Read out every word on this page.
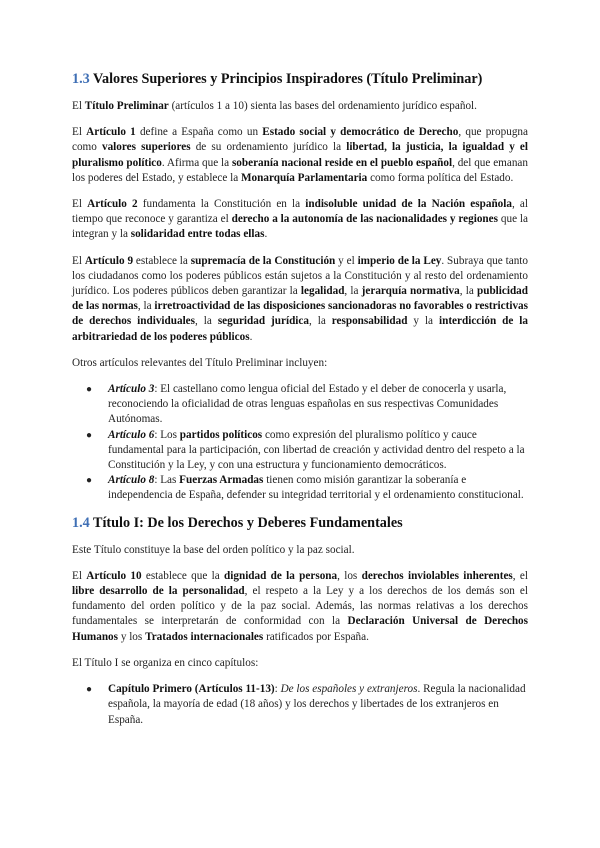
1.3 Valores Superiores y Principios Inspiradores (Título Preliminar)

El Título Preliminar (artículos 1 a 10) sienta las bases del ordenamiento jurídico español.

El Artículo 1 define a España como un Estado social y democrático de Derecho, que propugna como valores superiores de su ordenamiento jurídico la libertad, la justicia, la igualdad y el pluralismo político. Afirma que la soberanía nacional reside en el pueblo español, del que emanan los poderes del Estado, y establece la Monarquía Parlamentaria como forma política del Estado.

El Artículo 2 fundamenta la Constitución en la indisoluble unidad de la Nación española, al tiempo que reconoce y garantiza el derecho a la autonomía de las nacionalidades y regiones que la integran y la solidaridad entre todas ellas.

El Artículo 9 establece la supremacía de la Constitución y el imperio de la Ley. Subraya que tanto los ciudadanos como los poderes públicos están sujetos a la Constitución y al resto del ordenamiento jurídico. Los poderes públicos deben garantizar la legalidad, la jerarquía normativa, la publicidad de las normas, la irretroactividad de las disposiciones sancionadoras no favorables o restrictivas de derechos individuales, la seguridad jurídica, la responsabilidad y la interdicción de la arbitrariedad de los poderes públicos.

Otros artículos relevantes del Título Preliminar incluyen:

● Artículo 3: El castellano como lengua oficial del Estado y el deber de conocerla y usarla, reconociendo la oficialidad de otras lenguas españolas en sus respectivas Comunidades Autónomas.
● Artículo 6: Los partidos políticos como expresión del pluralismo político y cauce fundamental para la participación, con libertad de creación y actividad dentro del respeto a la Constitución y la Ley, y con una estructura y funcionamiento democráticos.
● Artículo 8: Las Fuerzas Armadas tienen como misión garantizar la soberanía e independencia de España, defender su integridad territorial y el ordenamiento constitucional.
1.4 Título I: De los Derechos y Deberes Fundamentales

Este Título constituye la base del orden político y la paz social.

El Artículo 10 establece que la dignidad de la persona, los derechos inviolables inherentes, el libre desarrollo de la personalidad, el respeto a la Ley y a los derechos de los demás son el fundamento del orden político y de la paz social. Además, las normas relativas a los derechos fundamentales se interpretarán de conformidad con la Declaración Universal de Derechos Humanos y los Tratados internacionales ratificados por España.

El Título I se organiza en cinco capítulos:

● Capítulo Primero (Artículos 11-13): De los españoles y extranjeros. Regula la nacionalidad española, la mayoría de edad (18 años) y los derechos y libertades de los extranjeros en España.
